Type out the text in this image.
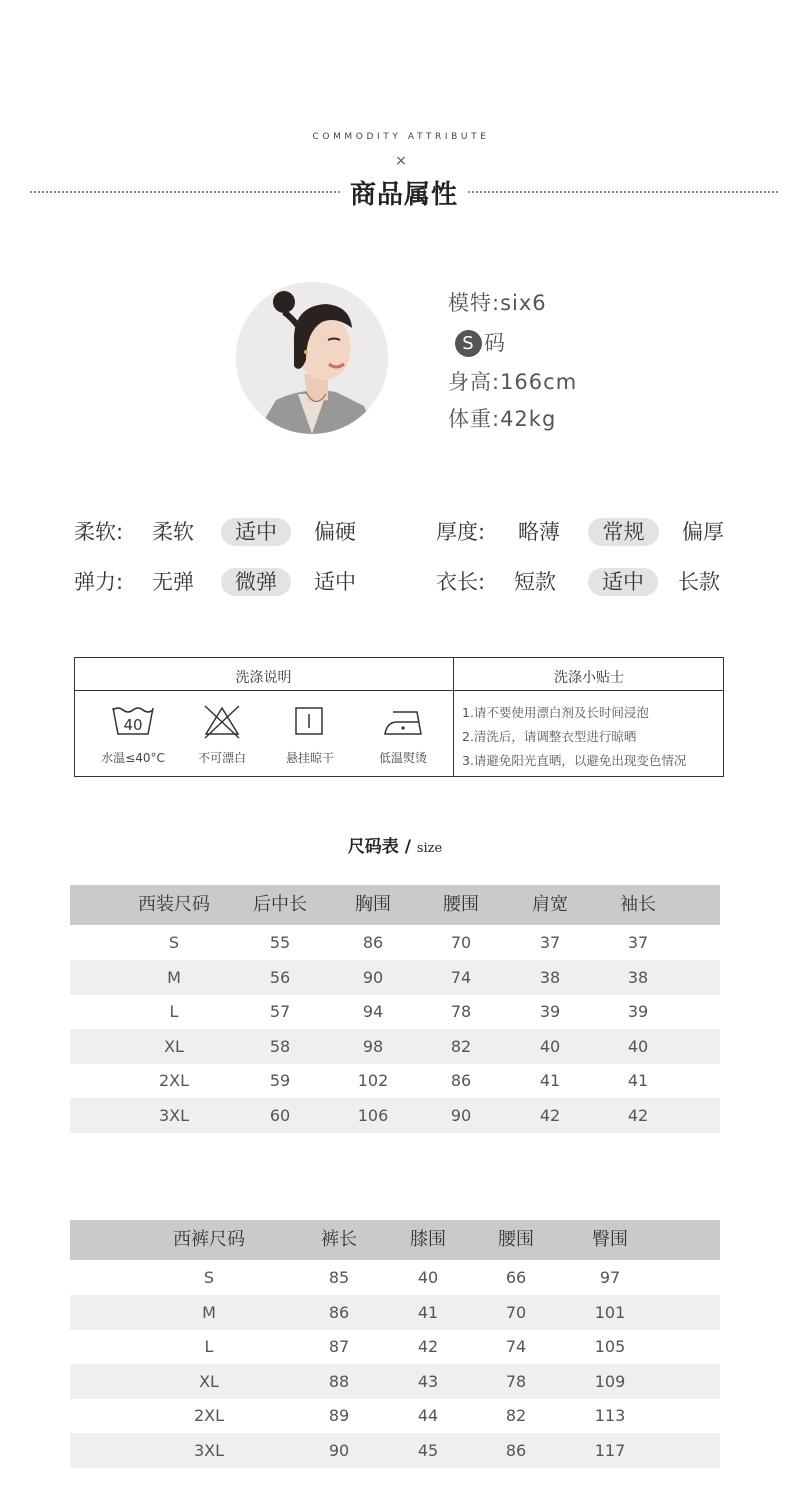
COMMODITY ATTRIBUTE
×
商品属性
模特:six6
S 码
身高:166cm
体重:42kg
柔软: 柔软	适中	偏硬	厚度: 略薄	常规	偏厚
弹力: 无弹	微弹	适中	衣长: 短款	适中	长款
洗涤说明	洗涤小贴士
40
水温≤40°C	不可漂白	悬挂晾干	低温熨烫
1.请不要使用漂白剂及长时间浸泡
2.清洗后，请调整衣型进行晾晒
3.请避免阳光直晒，以避免出现变色情况
尺码表 / size
西装尺码	后中长	胸围	腰围	肩宽	袖长
S	55	86	70	37	37
M	56	90	74	38	38
L	57	94	78	39	39
XL	58	98	82	40	40
2XL	59	102	86	41	41
3XL	60	106	90	42	42
西裤尺码	裤长	膝围	腰围	臀围
S	85	40	66	97
M	86	41	70	101
L	87	42	74	105
XL	88	43	78	109
2XL	89	44	82	113
3XL	90	45	86	117
